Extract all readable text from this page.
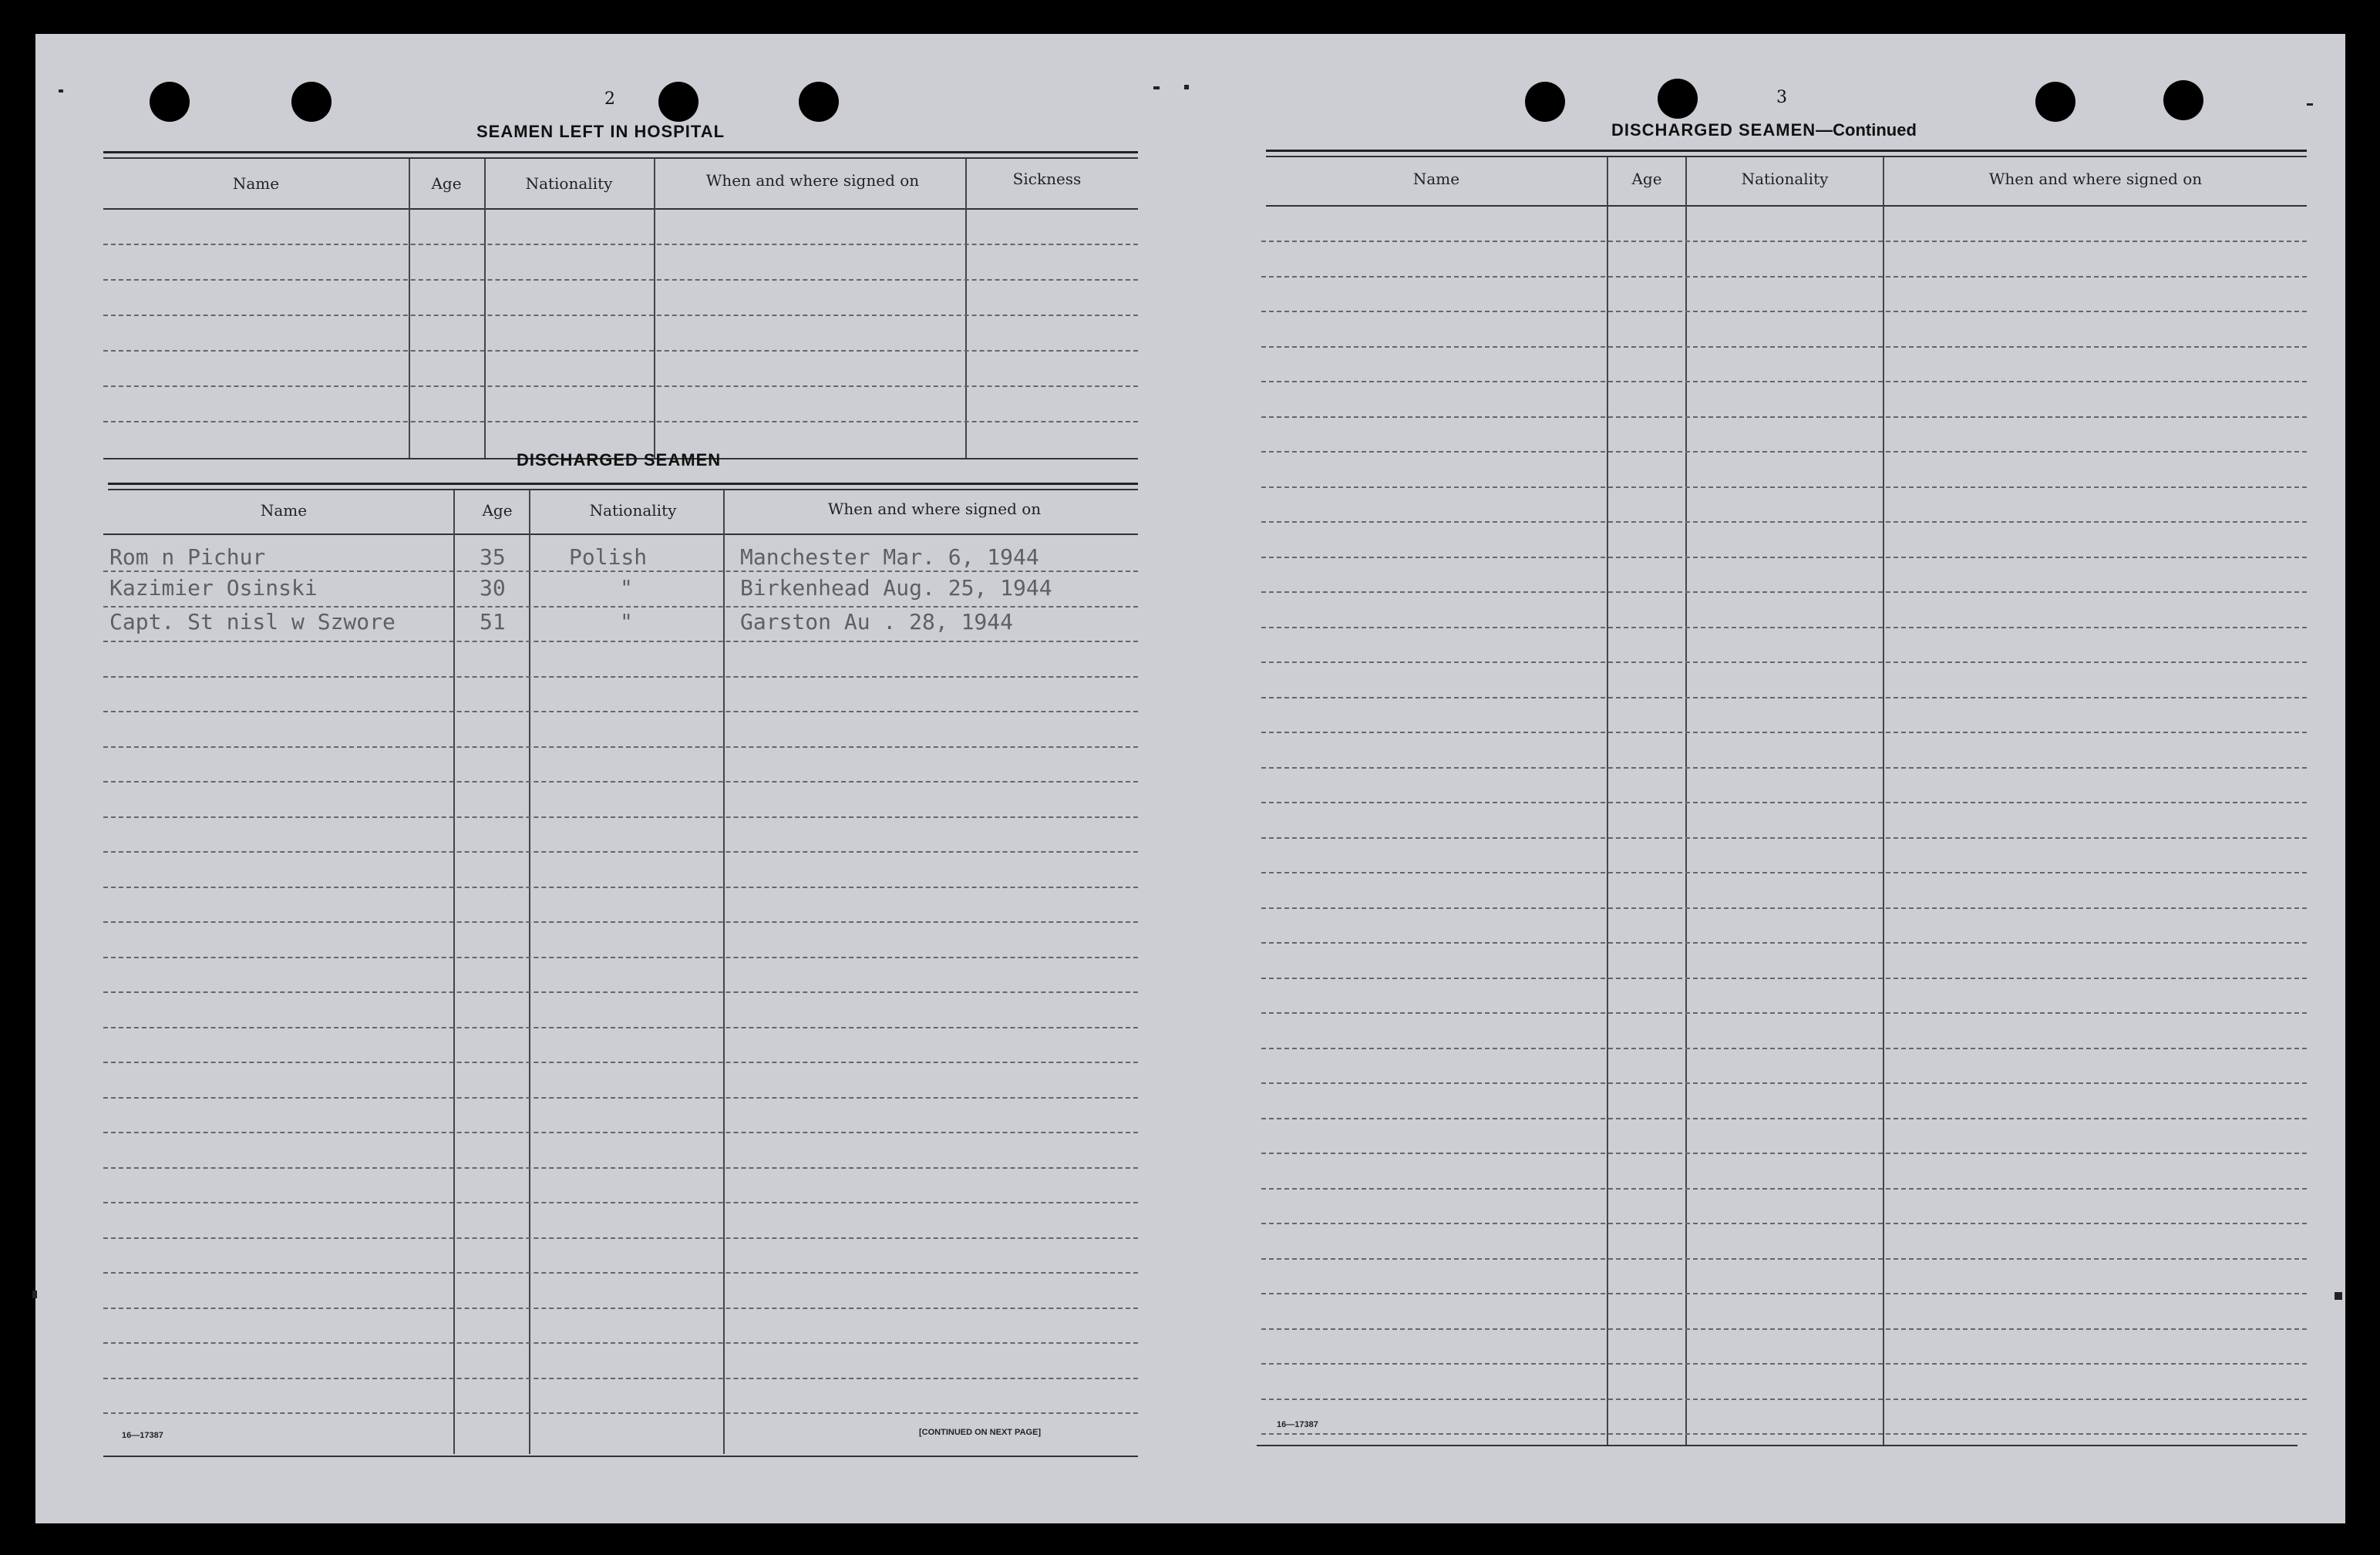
2
SEAMEN LEFT IN HOSPITAL
Name	Age	Nationality	When and where signed on	Sickness
DISCHARGED SEAMEN
Name	Age	Nationality	When and where signed on
Rom n Pichur	35	Polish	Manchester Mar. 6, 1944
Kazimier Osinski	30	"	Birkenhead Aug. 25, 1944
Capt. St nisl w Szwore	51	"	Garston Au . 28, 1944
16—17387	[CONTINUED ON NEXT PAGE]
3
DISCHARGED SEAMEN—Continued
Name	Age	Nationality	When and where signed on
16—17387
